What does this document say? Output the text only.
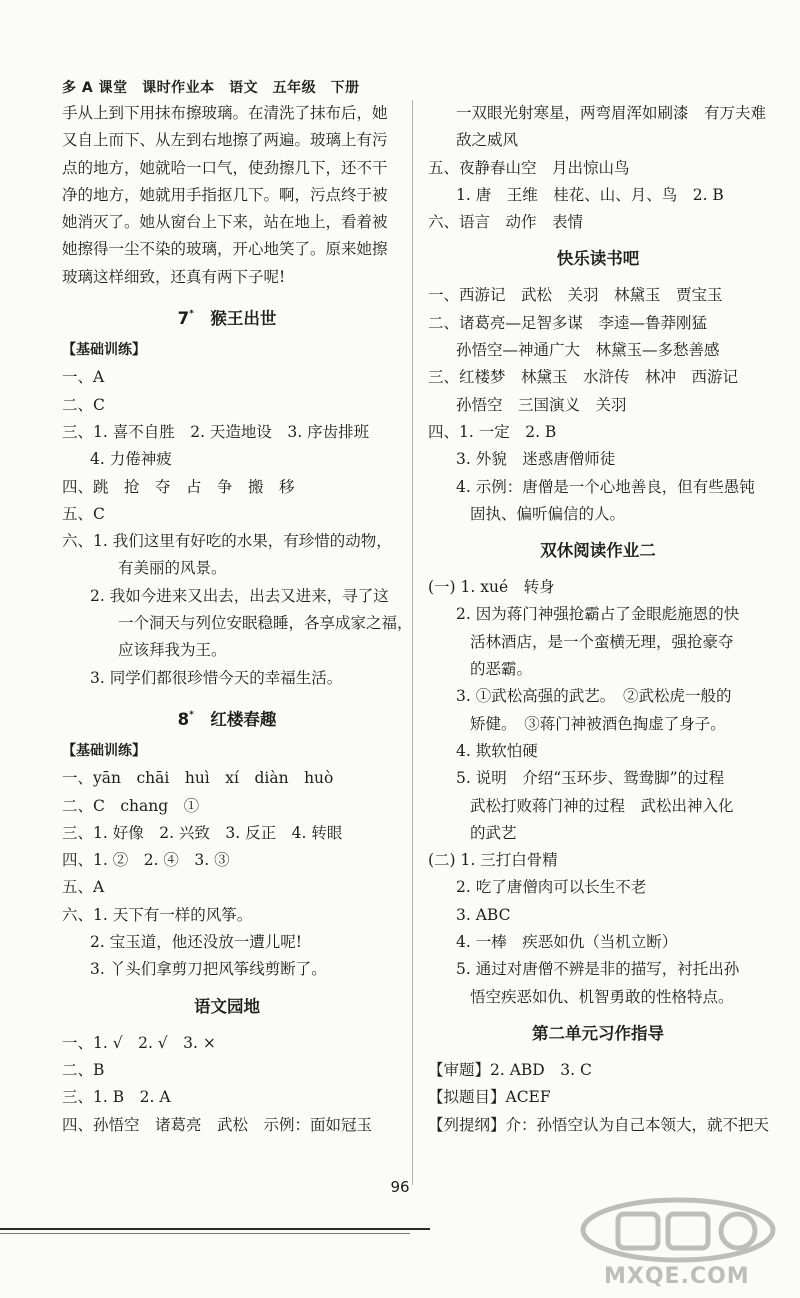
多 A 课堂　课时作业本　语文　五年级　下册
手从上到下用抹布擦玻璃。在清洗了抹布后，她
又自上而下、从左到右地擦了两遍。玻璃上有污
点的地方，她就哈一口气，使劲擦几下，还不干
净的地方，她就用手指抠几下。啊，污点终于被
她消灭了。她从窗台上下来，站在地上，看着被
她擦得一尘不染的玻璃，开心地笑了。原来她擦
玻璃这样细致，还真有两下子呢!
7*　 猴王出世
【基础训练】
一、A
二、C
三、1. 喜不自胜　2. 天造地设　3. 序齿排班
4. 力倦神疲
四、跳　抢　夺　占　争　搬　移
五、C
六、1. 我们这里有好吃的水果，有珍惜的动物，
有美丽的风景。
2. 我如今进来又出去，出去又进来，寻了这
一个洞天与列位安眠稳睡，各享成家之福，
应该拜我为王。
3. 同学们都很珍惜今天的幸福生活。
8*　 红楼春趣
【基础训练】
一、yān　chāi　huì　xí　diàn　huò
二、C　chang　①
三、1. 好像　2. 兴致　3. 反正　4. 转眼
四、1. ②　2. ④　3. ③
五、A
六、1. 天下有一样的风筝。
2. 宝玉道，他还没放一遭儿呢!
3. 丫头们拿剪刀把风筝线剪断了。
语文园地
一、1. √　2. √　3. ×
二、B
三、1. B　2. A
四、孙悟空　诸葛亮　武松　示例：面如冠玉
一双眼光射寒星，两弯眉浑如刷漆　有万夫难
敌之威风
五、夜静春山空　月出惊山鸟
1. 唐　王维　桂花、山、月、鸟　2. B
六、语言　动作　表情
快乐读书吧
一、西游记　武松　关羽　林黛玉　贾宝玉
二、诸葛亮—足智多谋　李逵—鲁莽刚猛
孙悟空—神通广大　林黛玉—多愁善感
三、红楼梦　林黛玉　水浒传　林冲　西游记
孙悟空　三国演义　关羽
四、1. 一定　2. B
3. 外貌　迷惑唐僧师徒
4. 示例：唐僧是一个心地善良，但有些愚钝
固执、偏听偏信的人。
双休阅读作业二
(一) 1. xué　转身
2. 因为蒋门神强抢霸占了金眼彪施恩的快
活林酒店，是一个蛮横无理，强抢豪夺
的恶霸。
3. ①武松高强的武艺。　②武松虎一般的
矫健。　③蒋门神被酒色掏虚了身子。
4. 欺软怕硬
5. 说明　介绍“玉环步、鸳鸯脚”的过程
武松打败蒋门神的过程　武松出神入化
的武艺
(二) 1. 三打白骨精
2. 吃了唐僧肉可以长生不老
3. ABC
4. 一棒　疾恶如仇（当机立断）
5. 通过对唐僧不辨是非的描写，衬托出孙
悟空疾恶如仇、机智勇敢的性格特点。
第二单元习作指导
【审题】2. ABD　3. C
【拟题目】ACEF
【列提纲】介：孙悟空认为自己本领大，就不把天
96
MXQE.COM
